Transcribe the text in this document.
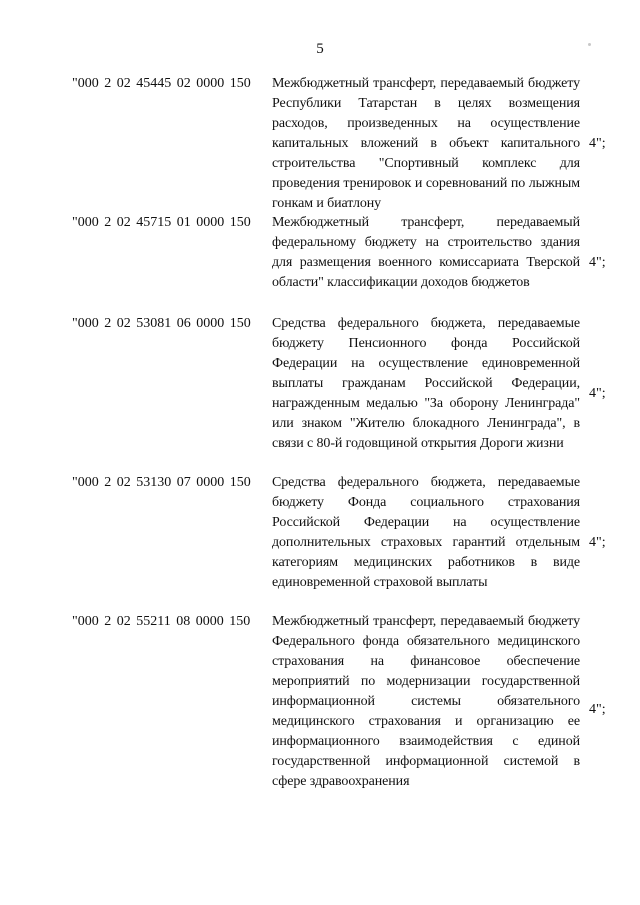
5
"000 2 02 45445 02 0000 150 Межбюджетный трансферт, передаваемый бюджету Республики Татарстан в целях возмещения расходов, произведенных на осуществление капитальных вложений в объект капитального строительства "Спортивный комплекс для проведения тренировок и соревнований по лыжным гонкам и биатлону
4";
"000 2 02 45715 01 0000 150 Межбюджетный трансферт, передаваемый федеральному бюджету на строительство здания для размещения военного комиссариата Тверской области" классификации доходов бюджетов
4";
"000 2 02 53081 06 0000 150 Средства федерального бюджета, передаваемые бюджету Пенсионного фонда Российской Федерации на осуществление единовременной выплаты гражданам Российской Федерации, награжденным медалью "За оборону Ленинграда" или знаком "Жителю блокадного Ленинграда", в связи с 80-й годовщиной открытия Дороги жизни
4";
"000 2 02 53130 07 0000 150 Средства федерального бюджета, передаваемые бюджету Фонда социального страхования Российской Федерации на осуществление дополнительных страховых гарантий отдельным категориям медицинских работников в виде единовременной страховой выплаты
4";
"000 2 02 55211 08 0000 150 Межбюджетный трансферт, передаваемый бюджету Федерального фонда обязательного медицинского страхования на финансовое обеспечение мероприятий по модернизации государственной информационной системы обязательного медицинского страхования и организацию ее информационного взаимодействия с единой государственной информационной системой в сфере здравоохранения
4";
